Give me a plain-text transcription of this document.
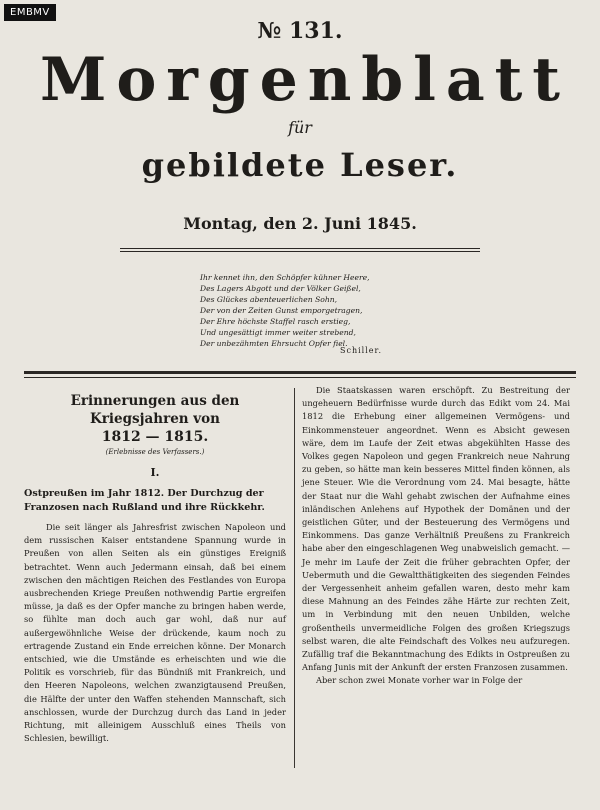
EMBMV
№ 131.
M o r g e n b l a t t
für
gebildete Leser.
Montag, den 2. Juni 1845.
Ihr kennet ihn, den Schöpfer kühner Heere,
Des Lagers Abgott und der Völker Geißel,
Des Glückes abenteuerlichen Sohn,
Der von der Zeiten Gunst emporgetragen,
Der Ehre höchste Staffel rasch erstieg,
Und ungesättigt immer weiter strebend,
Der unbezähmten Ehrsucht Opfer fiel.
Schiller.
Erinnerungen aus den Kriegsjahren von
1812 — 1815.
(Erlebnisse des Verfassers.)
I.
Ostpreußen im Jahr 1812. Der Durchzug der Franzosen nach Rußland und ihre Rückkehr.
Die seit länger als Jahresfrist zwischen Napoleon und dem russischen Kaiser entstandene Spannung wurde in Preußen von allen Seiten als ein günstiges Ereigniß betrachtet. Wenn auch Jedermann einsah, daß bei einem zwischen den mächtigen Reichen des Festlandes von Europa ausbrechenden Kriege Preußen nothwendig Partie ergreifen müsse, ja daß es der Opfer manche zu bringen haben werde, so fühlte man doch auch gar wohl, daß nur auf außergewöhnliche Weise der drückende, kaum noch zu ertragende Zustand ein Ende erreichen könne. Der Monarch entschied, wie die Umstände es erheischten und wie die Politik es vorschrieb, für das Bündniß mit Frankreich, und den Heeren Napoleons, welchen zwanzigtausend Preußen, die Hälfte der unter den Waffen stehenden Mannschaft, sich anschlossen, wurde der Durchzug durch das Land in jeder Richtung, mit alleinigem Ausschluß eines Theils von Schlesien, bewilligt.
Die Staatskassen waren erschöpft. Zu Bestreitung der ungeheuern Bedürfnisse wurde durch das Edikt vom 24. Mai 1812 die Erhebung einer allgemeinen Vermögens- und Einkommensteuer angeordnet. Wenn es Absicht gewesen wäre, dem im Laufe der Zeit etwas abgekühlten Hasse des Volkes gegen Napoleon und gegen Frankreich neue Nahrung zu geben, so hätte man kein besseres Mittel finden können, als jene Steuer. Wie die Verordnung vom 24. Mai besagte, hätte der Staat nur die Wahl gehabt zwischen der Aufnahme eines inländischen Anlehens auf Hypothek der Domänen und der geistlichen Güter, und der Besteuerung des Vermögens und Einkommens. Das ganze Verhältniß Preußens zu Frankreich habe aber den eingeschlagenen Weg unabweislich gemacht. — Je mehr im Laufe der Zeit die früher gebrachten Opfer, der Uebermuth und die Gewaltthätigkeiten des siegenden Feindes der Vergessenheit anheim gefallen waren, desto mehr kam diese Mahnung an des Feindes zähe Härte zur rechten Zeit, um in Verbindung mit den neuen Unbilden, welche großentheils unvermeidliche Folgen des großen Kriegszugs selbst waren, die alte Feindschaft des Volkes neu aufzuregen. Zufällig traf die Bekanntmachung des Edikts in Ostpreußen zu Anfang Junis mit der Ankunft der ersten Franzosen zusammen.
Aber schon zwei Monate vorher war in Folge der
